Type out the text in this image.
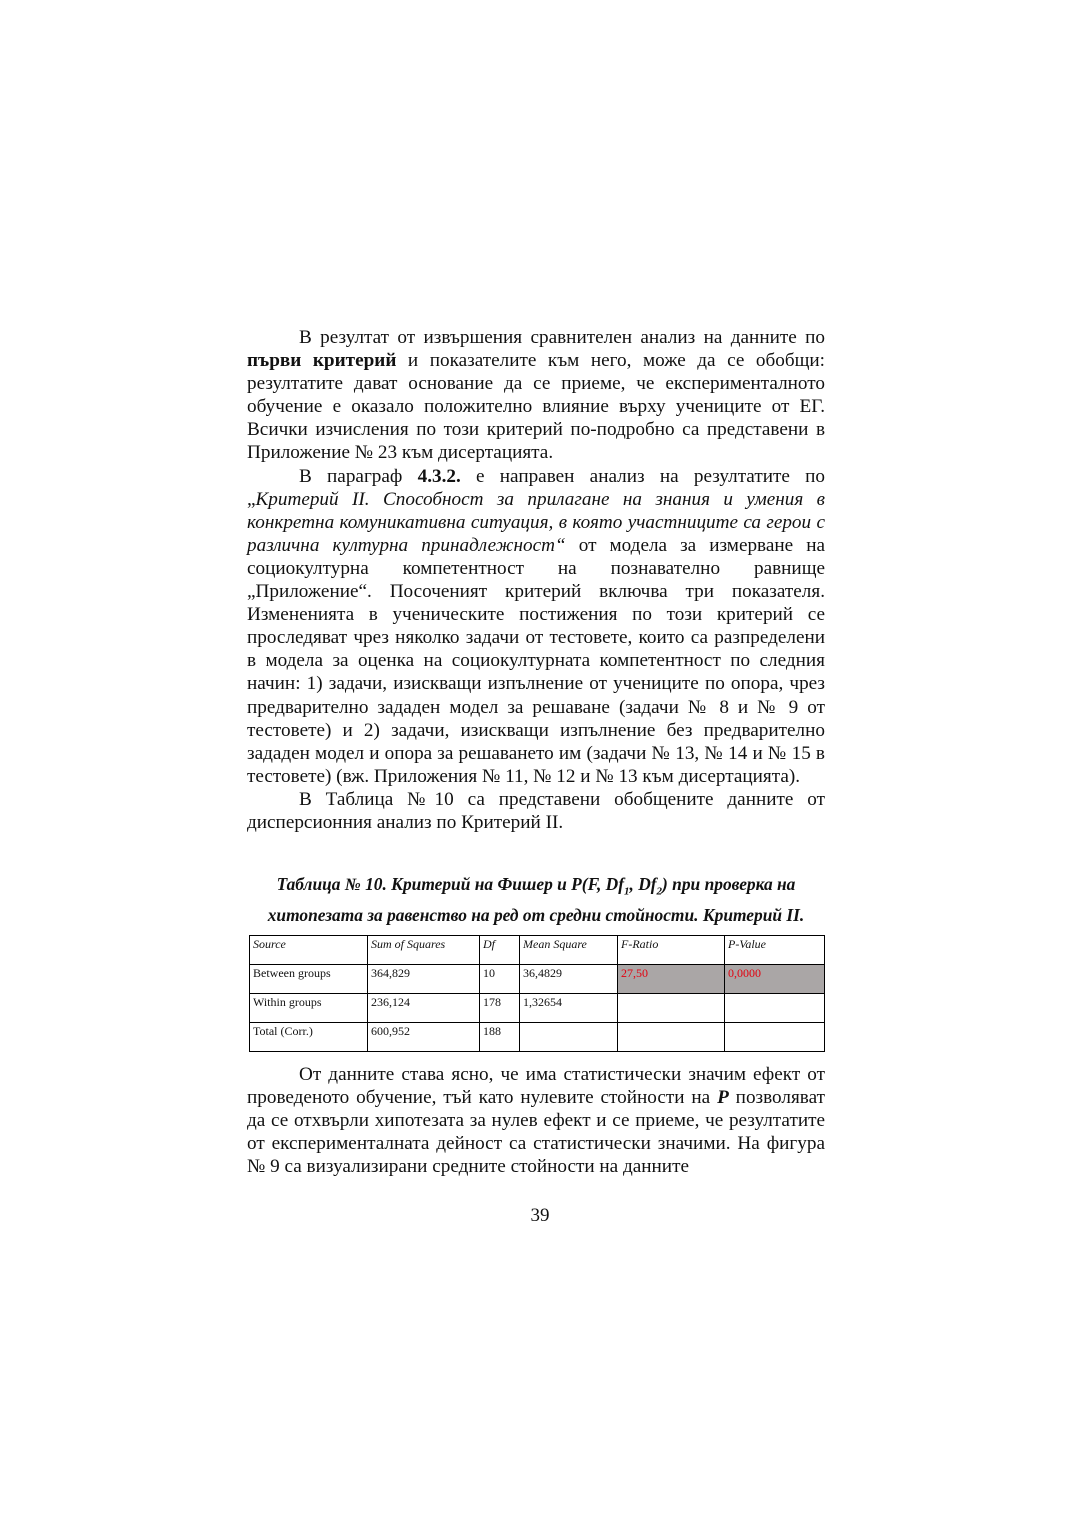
В резултат от извършения сравнителен анализ на данните по първи критерий и показателите към него, може да се обобщи: резултатите дават основание да се приеме, че експерименталното обучение е оказало положително влияние върху учениците от ЕГ. Всички изчисления по този критерий по-подробно са представени в Приложение № 23 към дисертацията.

В параграф 4.3.2. е направен анализ на резултатите по „Критерий II. Способност за прилагане на знания и умения в конкретна комуникативна ситуация, в която участниците са герои с различна културна принадлежност“ от модела за измерване на социокултурна компетентност на познавателно равнище „Приложение“. Посоченият критерий включва три показателя. Измененията в ученическите постижения по този критерий се проследяват чрез няколко задачи от тестовете, които са разпределени в модела за оценка на социокултурната компетентност по следния начин: 1) задачи, изискващи изпълнение от учениците по опора, чрез предварително зададен модел за решаване (задачи № 8 и № 9 от тестовете) и 2) задачи, изискващи изпълнение без предварително зададен модел и опора за решаването им (задачи № 13, № 14 и № 15 в тестовете) (вж. Приложения № 11, № 12 и № 13 към дисертацията).

В Таблица №10 са представени обобщените данните от дисперсионния анализ по Критерий II.

От данните става ясно, че има статистически значим ефект от проведеното обучение, тъй като нулевите стойности на P позволяват да се отхвърли хипотезата за нулев ефект и се приеме, че резултатите от експерименталната дейност са статистически значими. На фигура № 9 са визуализирани средните стойности на данните

Таблица № 10. Критерий на Фишер и P(F, $Df_1$, $Df_2$) при проверка на
хитопезата за равенство на ред от средни стойности. Критерий II.
Source	Sum of Squares	Df	Mean Square	F-Ratio	P-Value
Between groups	364,829	10	36,4829	27,50	0,0000
Within groups	236,124	178	1,32654		
Total (Corr.)	600,952	188			
39
